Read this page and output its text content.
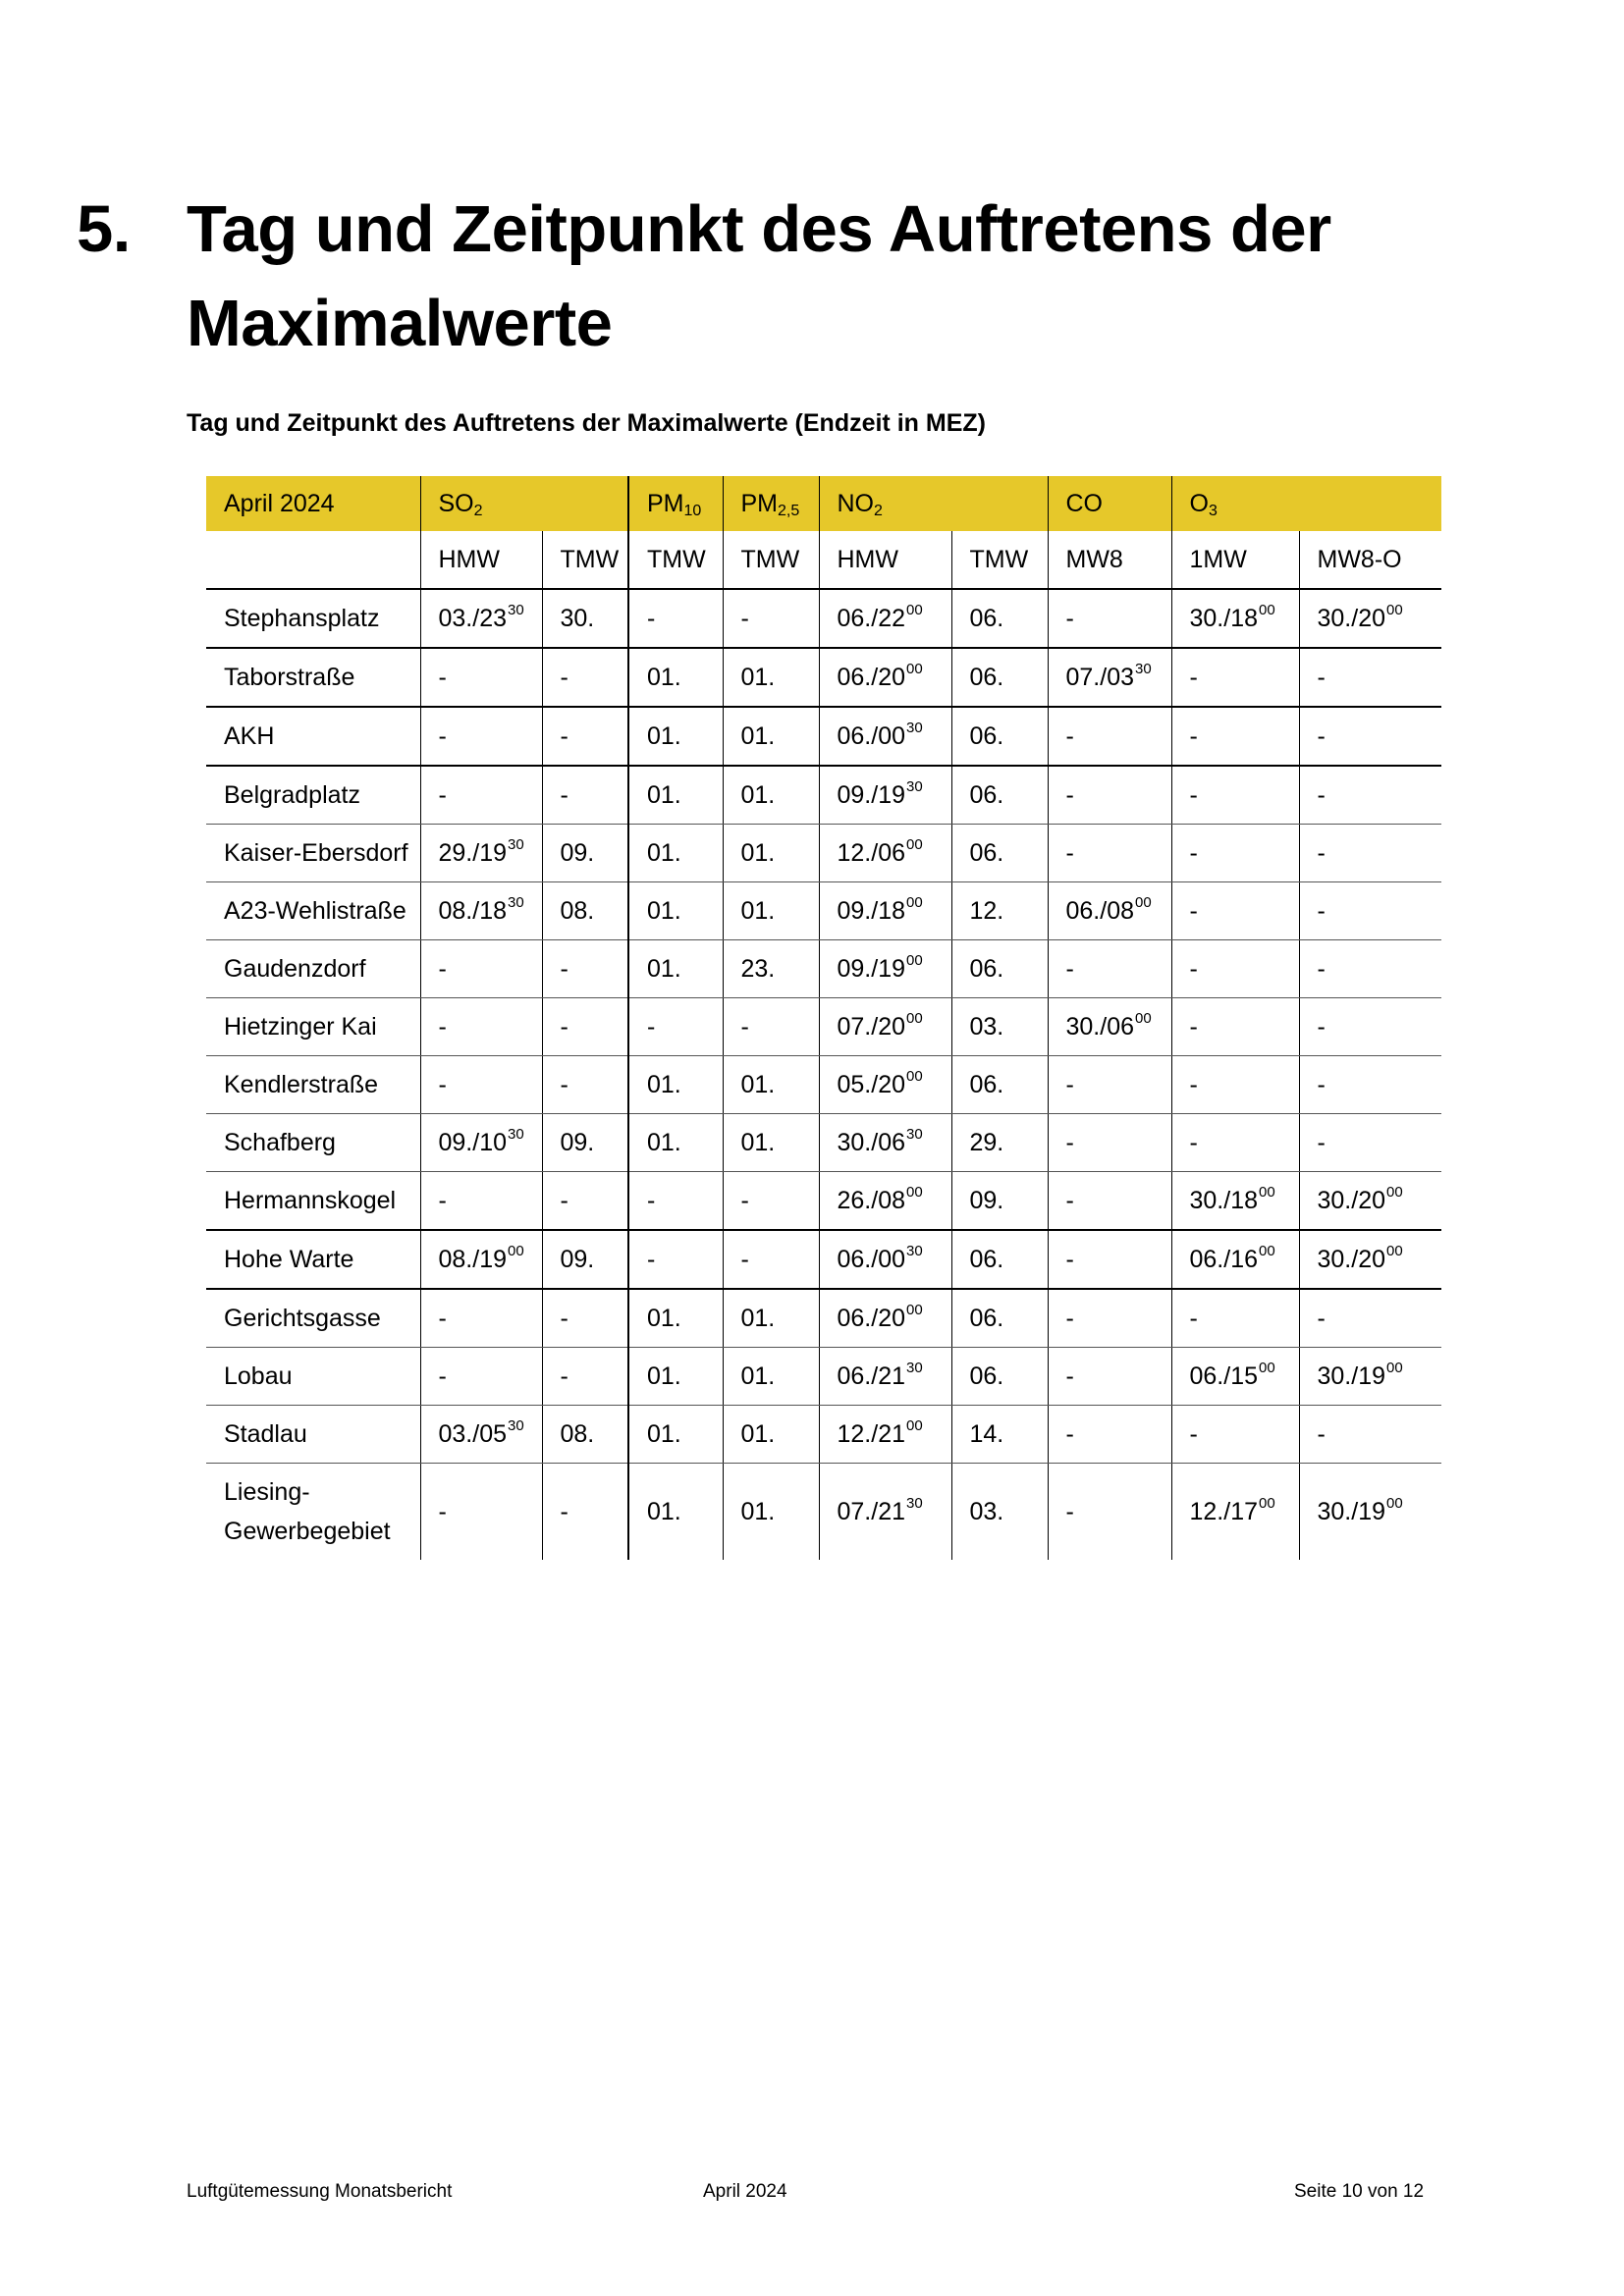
5. Tag und Zeitpunkt des Auftretens der Maximalwerte
Tag und Zeitpunkt des Auftretens der Maximalwerte (Endzeit in MEZ)
April 2024	$SO_2$		$PM_{10}$	$PM_{2,5}$	$NO_2$		CO	$O_3$
	HMW	TMW	TMW	TMW	HMW	TMW	MW8	1MW	MW8-O
Stephansplatz	$03./23^{30}$	30.	-	-	$06./22^{00}$	06.	-	$30./18^{00}$	$30./20^{00}$
Taborstraße	-	-	01.	01.	$06./20^{00}$	06.	$07./03^{30}$	-	-
AKH	-	-	01.	01.	$06./00^{30}$	06.	-	-	-
Belgradplatz	-	-	01.	01.	$09./19^{30}$	06.	-	-	-
Kaiser-Ebersdorf	$29./19^{30}$	09.	01.	01.	$12./06^{00}$	06.	-	-	-
A23-Wehlistraße	$08./18^{30}$	08.	01.	01.	$09./18^{00}$	12.	$06./08^{00}$	-	-
Gaudenzdorf	-	-	01.	23.	$09./19^{00}$	06.	-	-	-
Hietzinger Kai	-	-	-	-	$07./20^{00}$	03.	$30./06^{00}$	-	-
Kendlerstraße	-	-	01.	01.	$05./20^{00}$	06.	-	-	-
Schafberg	$09./10^{30}$	09.	01.	01.	$30./06^{30}$	29.	-	-	-
Hermannskogel	-	-	-	-	$26./08^{00}$	09.	-	$30./18^{00}$	$30./20^{00}$
Hohe Warte	$08./19^{00}$	09.	-	-	$06./00^{30}$	06.	-	$06./16^{00}$	$30./20^{00}$
Gerichtsgasse	-	-	01.	01.	$06./20^{00}$	06.	-	-	-
Lobau	-	-	01.	01.	$06./21^{30}$	06.	-	$06./15^{00}$	$30./19^{00}$
Stadlau	$03./05^{30}$	08.	01.	01.	$12./21^{00}$	14.	-	-	-
Liesing-Gewerbegebiet	-	-	01.	01.	$07./21^{30}$	03.	-	$12./17^{00}$	$30./19^{00}$
Luftgütemessung Monatsbericht	April 2024	Seite 10 von 12
